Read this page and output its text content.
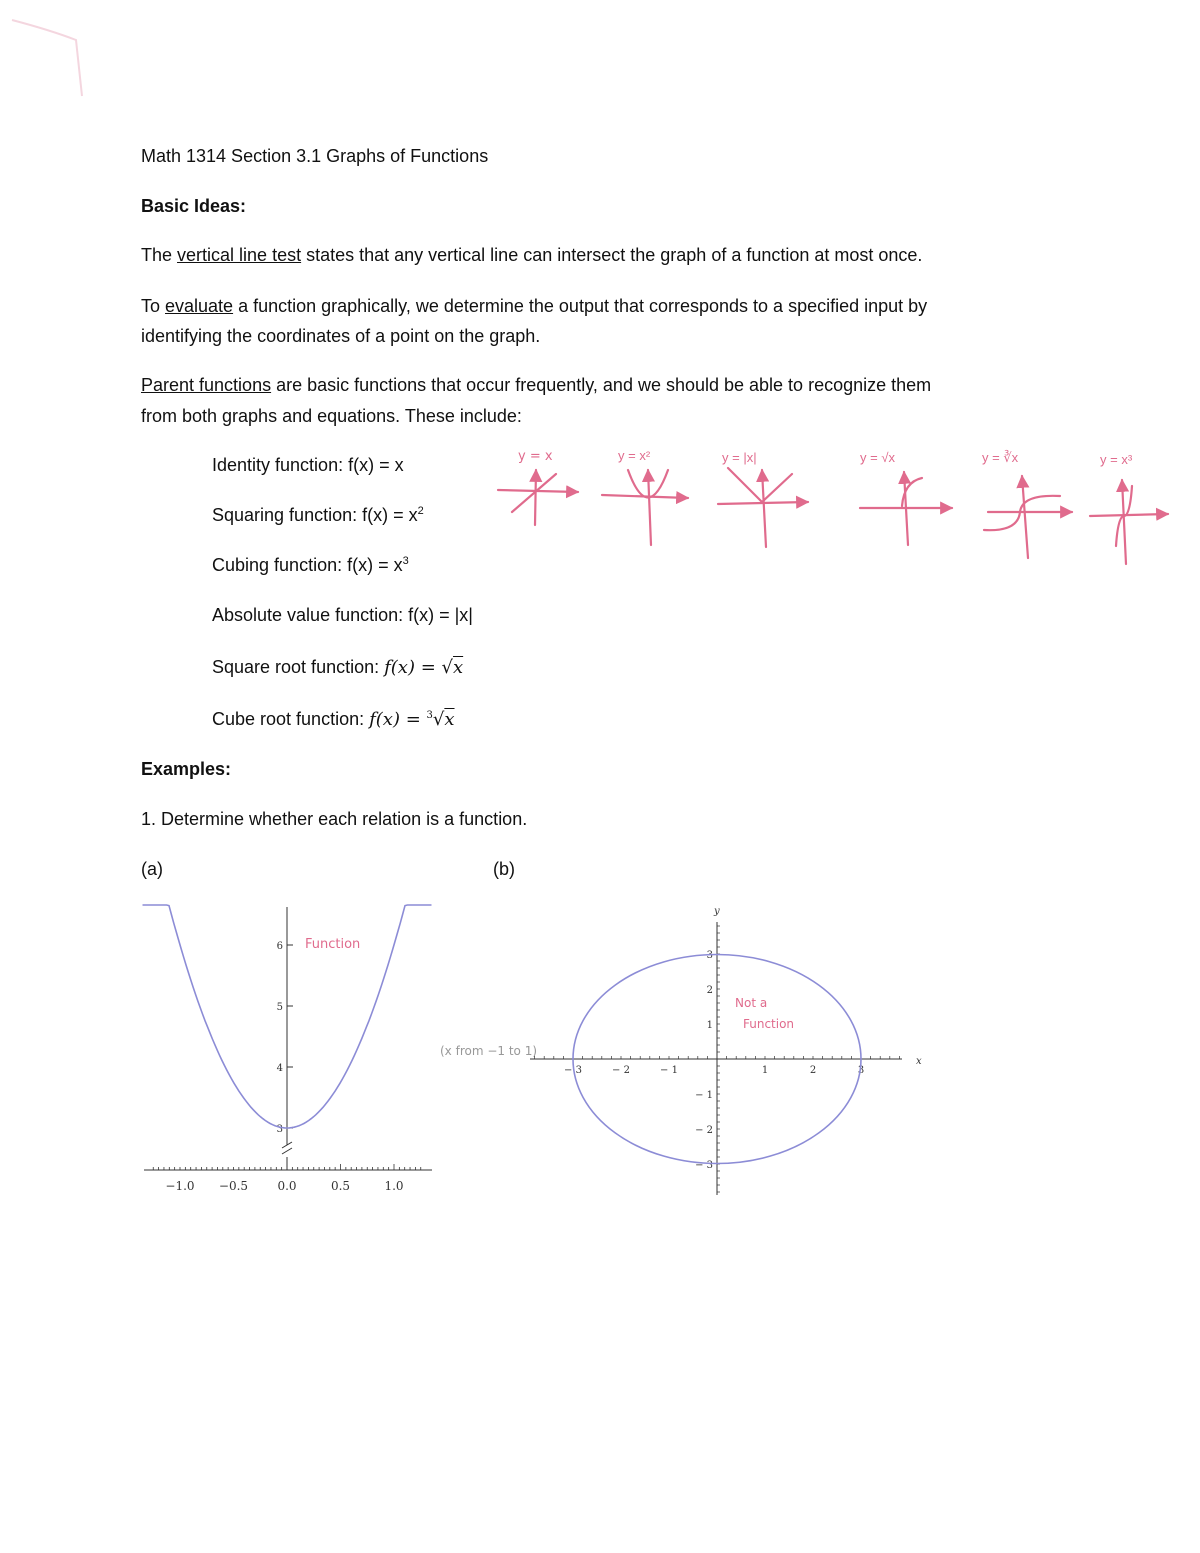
Math 1314 Section 3.1 Graphs of Functions
Basic Ideas:
The vertical line test states that any vertical line can intersect the graph of a function at most once.
To evaluate a function graphically, we determine the output that corresponds to a specified input by
identifying the coordinates of a point on the graph.
Parent functions are basic functions that occur frequently, and we should be able to recognize them
from both graphs and equations. These include:
Identity function: f(x) = x
Squaring function: $f(x) = x^2$
Cubing function: $f(x) = x^3$
Absolute value function: f(x) = |x|
Square root function: f(x) = √x
Cube root function: f(x) = $^3$√x
y = x	y = x²	y = |x|	y = √x	y = ∛x	y = x³
Examples:
1. Determine whether each relation is a function.
(a)	(b)
−1.0 −0.5 0.0	0.5	1.0
3
4
5
6 Function
(x from −1 to 1)
− 3	− 2	− 1	1	2	3
x
3
2
1
− 1
− 2
− 3
y
Not a
Function
